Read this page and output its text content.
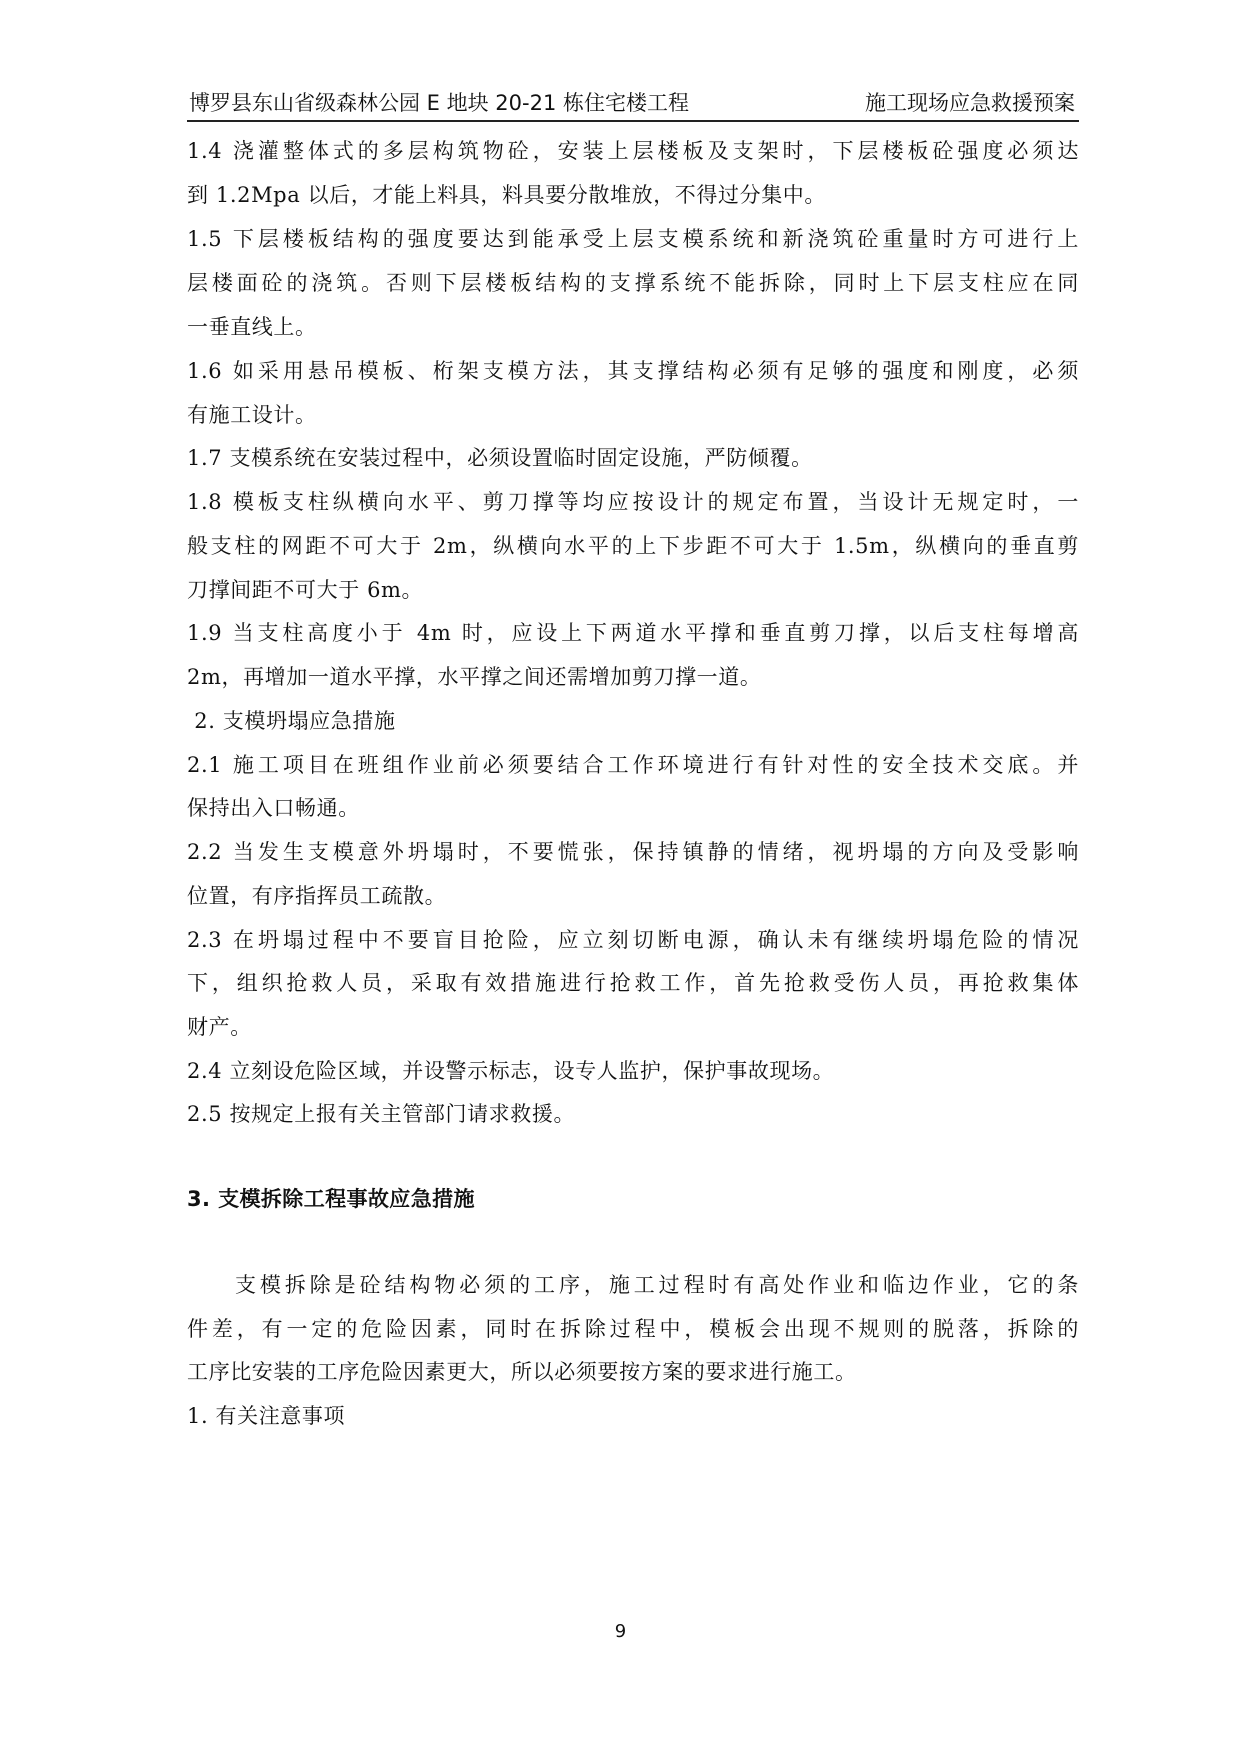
博罗县东山省级森林公园 E 地块 20-21 栋住宅楼工程	施工现场应急救援预案
1.4 浇灌整体式的多层构筑物砼，安装上层楼板及支架时，下层楼板砼强度必须达
到 1.2Mpa 以后，才能上料具，料具要分散堆放，不得过分集中。
1.5 下层楼板结构的强度要达到能承受上层支模系统和新浇筑砼重量时方可进行上
层楼面砼的浇筑。否则下层楼板结构的支撑系统不能拆除，同时上下层支柱应在同
一垂直线上。
1.6 如采用悬吊模板、桁架支模方法，其支撑结构必须有足够的强度和刚度，必须
有施工设计。
1.7 支模系统在安装过程中，必须设置临时固定设施，严防倾覆。
1.8 模板支柱纵横向水平、剪刀撑等均应按设计的规定布置，当设计无规定时，一
般支柱的网距不可大于 2m，纵横向水平的上下步距不可大于 1.5m，纵横向的垂直剪
刀撑间距不可大于 6m。
1.9 当支柱高度小于 4m 时，应设上下两道水平撑和垂直剪刀撑，以后支柱每增高
2m，再增加一道水平撑，水平撑之间还需增加剪刀撑一道。
2. 支模坍塌应急措施
2.1 施工项目在班组作业前必须要结合工作环境进行有针对性的安全技术交底。并
保持出入口畅通。
2.2 当发生支模意外坍塌时，不要慌张，保持镇静的情绪，视坍塌的方向及受影响
位置，有序指挥员工疏散。
2.3 在坍塌过程中不要盲目抢险，应立刻切断电源，确认未有继续坍塌危险的情况
下，组织抢救人员，采取有效措施进行抢救工作，首先抢救受伤人员，再抢救集体
财产。
2.4 立刻设危险区域，并设警示标志，设专人监护，保护事故现场。
2.5 按规定上报有关主管部门请求救援。
3. 支模拆除工程事故应急措施
支模拆除是砼结构物必须的工序，施工过程时有高处作业和临边作业，它的条
件差，有一定的危险因素，同时在拆除过程中，模板会出现不规则的脱落，拆除的
工序比安装的工序危险因素更大，所以必须要按方案的要求进行施工。
1. 有关注意事项
9
